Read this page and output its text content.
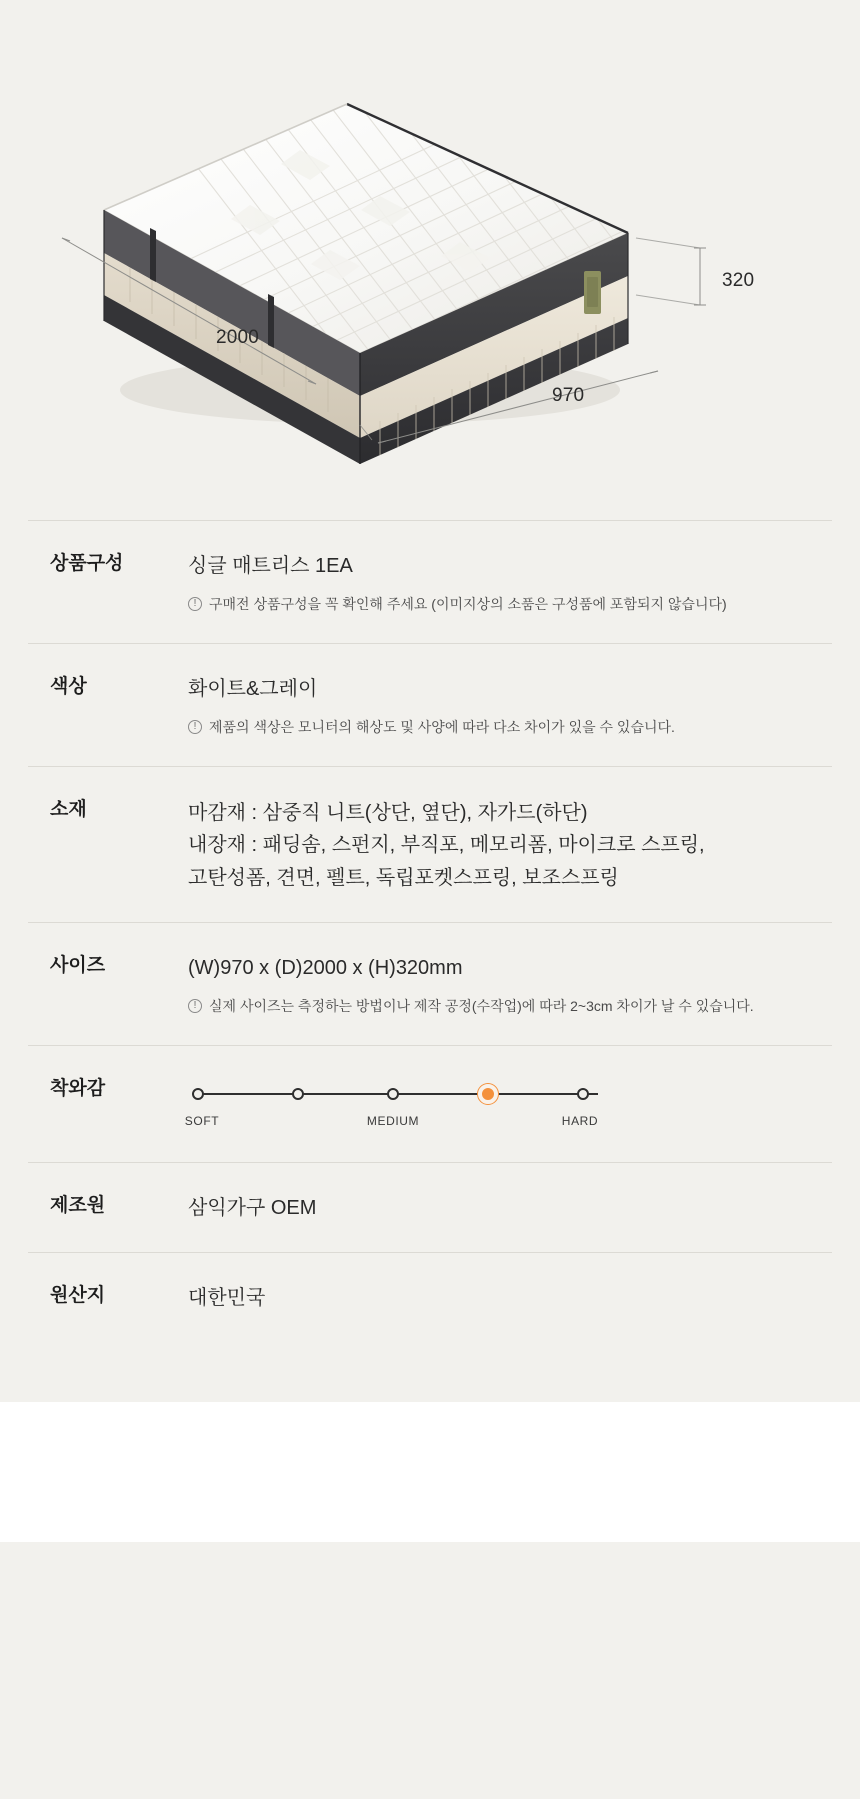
2000
970
320
상품구성	싱글 매트리스 1EA
! 구매전 상품구성을 꼭 확인해 주세요 (이미지상의 소품은 구성품에 포함되지 않습니다)
색상	화이트&그레이
! 제품의 색상은 모니터의 해상도 및 사양에 따라 다소 차이가 있을 수 있습니다.
소재	마감재 : 삼중직 니트(상단, 옆단), 자가드(하단)
내장재 : 패딩솜, 스펀지, 부직포, 메모리폼, 마이크로 스프링,
고탄성폼, 견면, 펠트, 독립포켓스프링, 보조스프링
사이즈	(W)970 x (D)2000 x (H)320mm
! 실제 사이즈는 측정하는 방법이나 제작 공정(수작업)에 따라 2~3cm 차이가 날 수 있습니다.
착와감
SOFT	MEDIUM	HARD
제조원	삼익가구 OEM
원산지	대한민국
